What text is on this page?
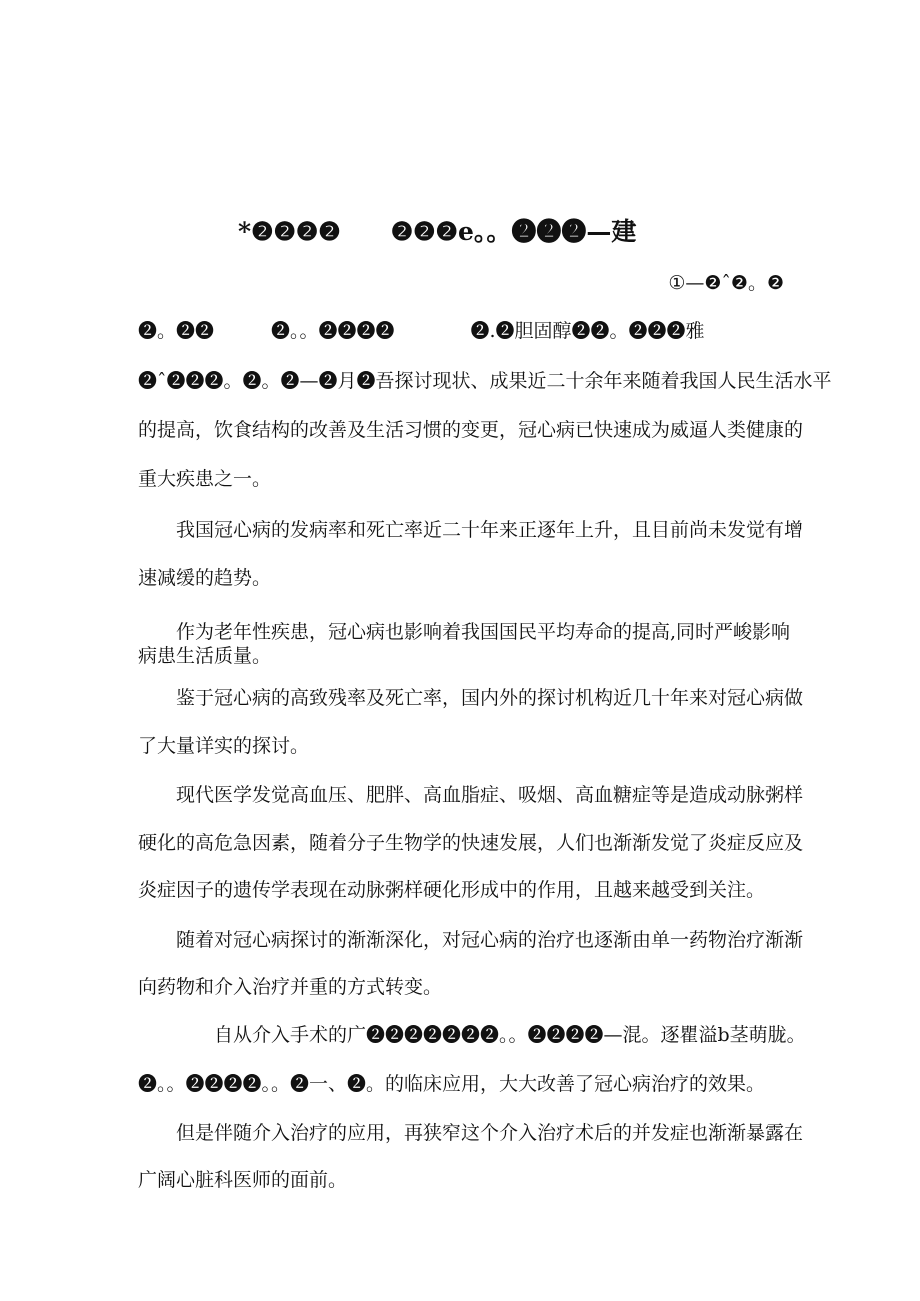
*❷❷❷❷　　❷❷❷e。。❷❷❷—建
①—❷ˆ❷。❷
❷。❷❷　　　❷。。❷❷❷❷　　　　❷.❷胆固醇❷❷。❷❷❷雅
❷ˆ❷❷❷。❷。❷—❷月❷吾探讨现状、成果近二十余年来随着我国人民生活水平
的提高，饮食结构的改善及生活习惯的变更，冠心病已快速成为威逼人类健康的
重大疾患之一。
我国冠心病的发病率和死亡率近二十年来正逐年上升，且目前尚未发觉有增
速减缓的趋势。
作为老年性疾患，冠心病也影响着我国国民平均寿命的提高,同时严峻影响
病患生活质量。
鉴于冠心病的高致残率及死亡率，国内外的探讨机构近几十年来对冠心病做
了大量详实的探讨。
现代医学发觉高血压、肥胖、高血脂症、吸烟、高血糖症等是造成动脉粥样
硬化的高危急因素，随着分子生物学的快速发展，人们也渐渐发觉了炎症反应及
炎症因子的遗传学表现在动脉粥样硬化形成中的作用，且越来越受到关注。
随着对冠心病探讨的渐渐深化，对冠心病的治疗也逐渐由单一药物治疗渐渐
向药物和介入治疗并重的方式转变。
自从介入手术的广❷❷❷❷❷❷❷。。❷❷❷❷—混。逐瞿溢b茎萌胧。
❷。。❷❷❷❷。。❷一、❷。的临床应用，大大改善了冠心病治疗的效果。
但是伴随介入治疗的应用，再狭窄这个介入治疗术后的并发症也渐渐暴露在
广阔心脏科医师的面前。
